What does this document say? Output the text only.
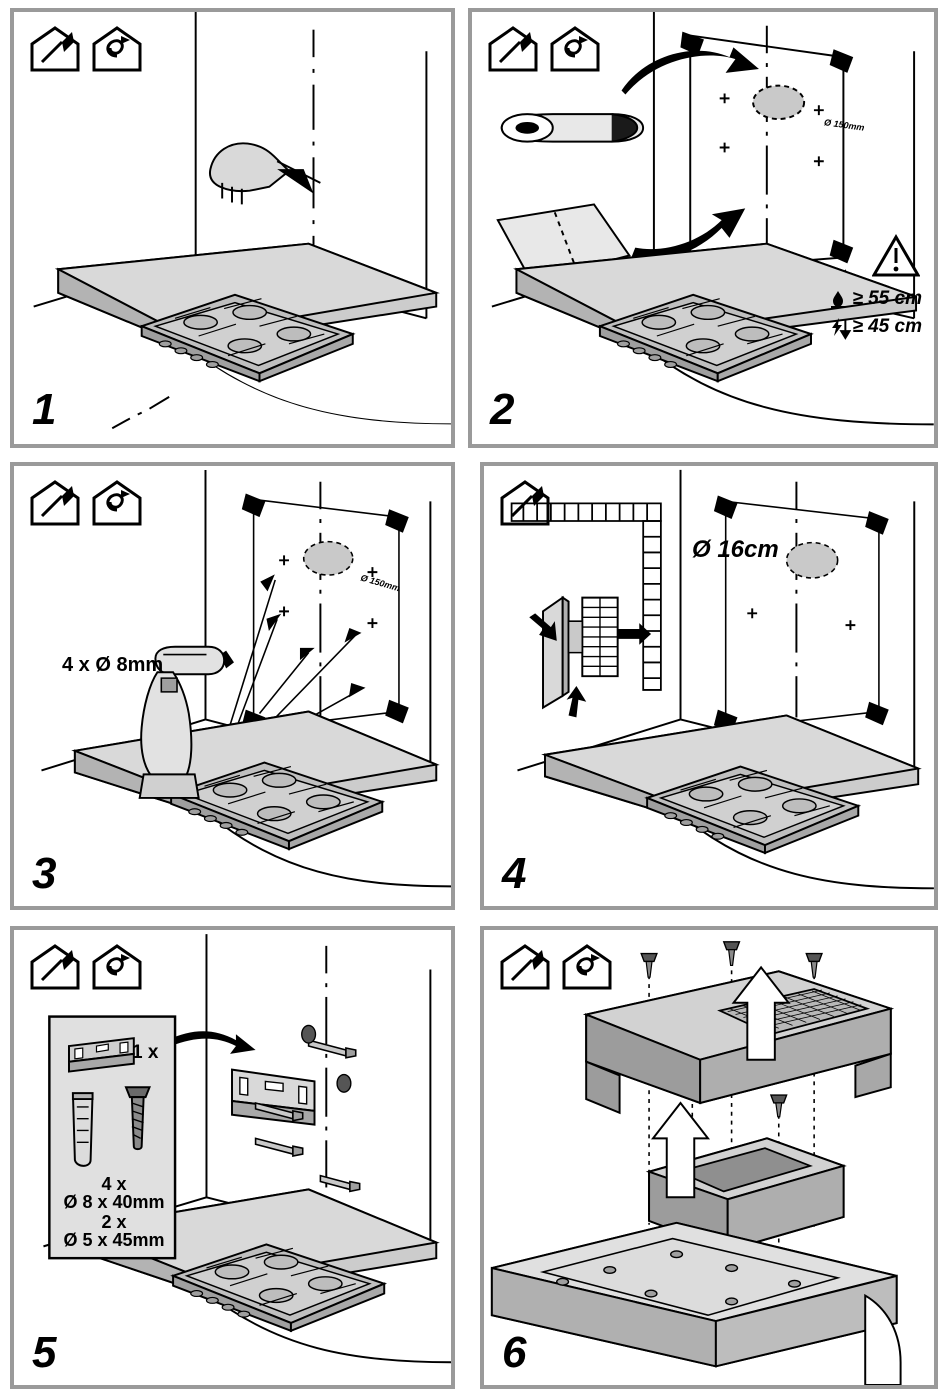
1
Ø 150mm
≥ 55 cm
≥ 45 cm
2
4 x Ø 8mm
Ø 150mm
3
Ø 16cm
4
1 x
4 x
Ø 8 x 40mm
2 x
Ø 5 x 45mm
5	6
